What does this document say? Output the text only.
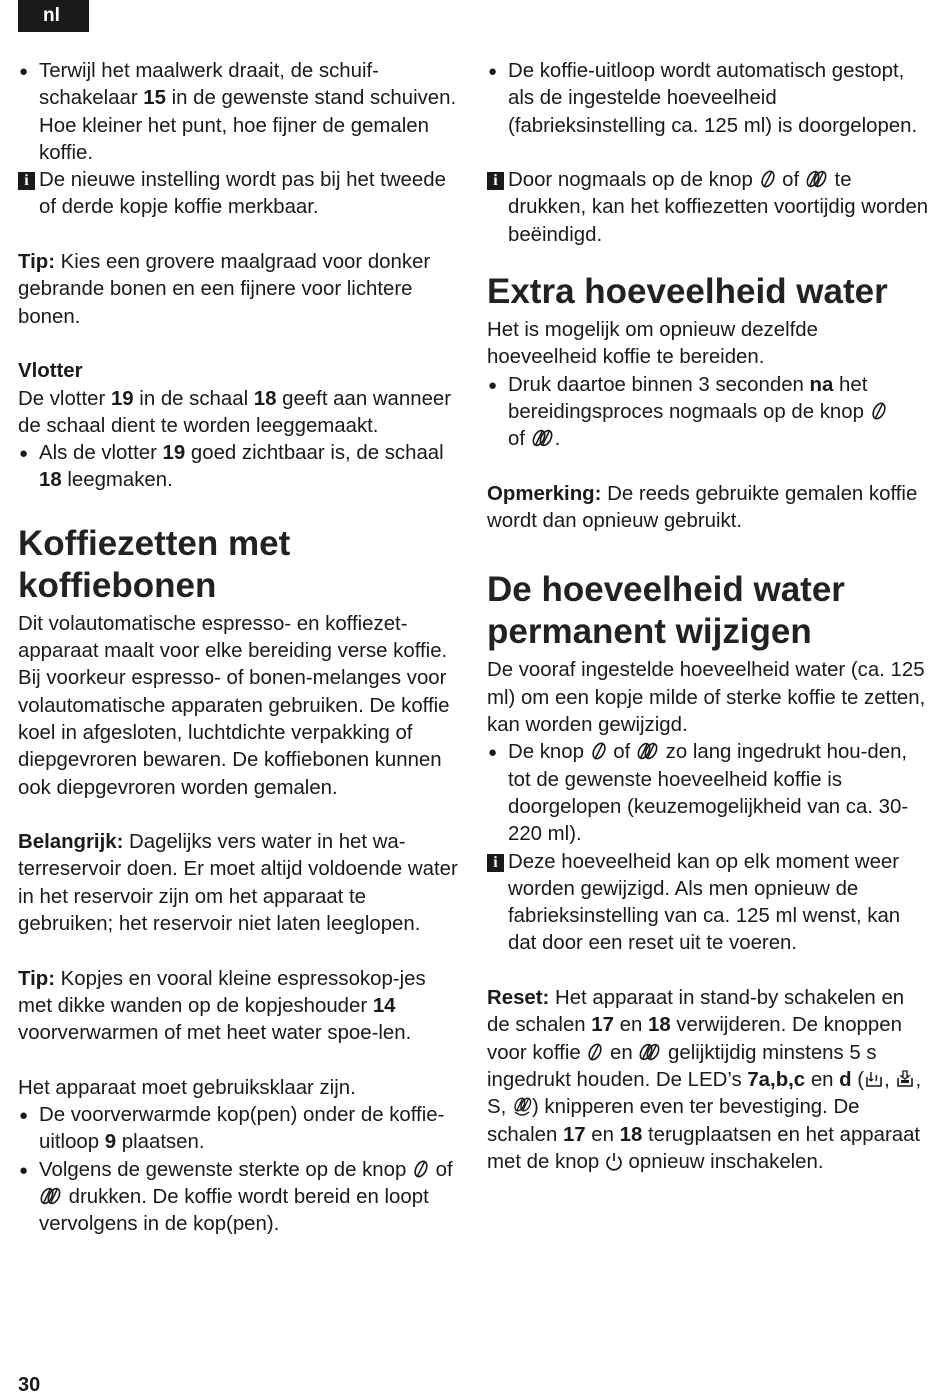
nl

● Terwijl het maalwerk draait, de schuif-schakelaar 15 in de gewenste stand schuiven. Hoe kleiner het punt, hoe fijner de gemalen koffie.

i De nieuwe instelling wordt pas bij het tweede of derde kopje koffie merkbaar.

Tip: Kies een grovere maalgraad voor donker gebrande bonen en een fijnere voor lichtere bonen.

Vlotter

De vlotter 19 in de schaal 18 geeft aan wanneer de schaal dient te worden leeggemaakt.

● Als de vlotter 19 goed zichtbaar is, de schaal 18 leegmaken.

Koffiezetten met koffiebonen

Dit volautomatische espresso- en koffiezet-apparaat maalt voor elke bereiding verse koffie. Bij voorkeur espresso- of bonen-melanges voor volautomatische apparaten gebruiken. De koffie koel in afgesloten, luchtdichte verpakking of diepgevroren bewaren. De koffiebonen kunnen ook diepgevroren worden gemalen.

Belangrijk: Dagelijks vers water in het wa-terreservoir doen. Er moet altijd voldoende water in het reservoir zijn om het apparaat te gebruiken; het reservoir niet laten leeglopen.

Tip: Kopjes en vooral kleine espressokop-jes met dikke wanden op de kopjeshouder 14 voorverwarmen of met heet water spoe-len.

Het apparaat moet gebruiksklaar zijn.

● De voorverwarmde kop(pen) onder de koffie-uitloop 9 plaatsen.

● Volgens de gewenste sterkte op de knop  of  drukken. De koffie wordt bereid en loopt vervolgens in de kop(pen).

● De koffie-uitloop wordt automatisch gestopt, als de ingestelde hoeveelheid (fabrieksinstelling ca. 125 ml) is doorgelopen.

i Door nogmaals op de knop  of  te drukken, kan het koffiezetten voortijdig worden beëindigd.

Extra hoeveelheid water

Het is mogelijk om opnieuw dezelfde hoeveelheid koffie te bereiden.

● Druk daartoe binnen 3 seconden na het bereidingsproces nogmaals op de knop
of .

Opmerking: De reeds gebruikte gemalen koffie wordt dan opnieuw gebruikt.

De hoeveelheid water permanent wijzigen

De vooraf ingestelde hoeveelheid water (ca. 125 ml) om een kopje milde of sterke koffie te zetten, kan worden gewijzigd.

● De knop  of  zo lang ingedrukt hou-den, tot de gewenste hoeveelheid koffie is doorgelopen (keuzemogelijkheid van ca. 30-220 ml).

i Deze hoeveelheid kan op elk moment weer worden gewijzigd. Als men opnieuw de fabrieksinstelling van ca. 125 ml wenst, kan dat door een reset uit te voeren.

Reset: Het apparaat in stand-by schakelen en de schalen 17 en 18 verwijderen. De knoppen voor koffie  en  gelijktijdig minstens 5 s ingedrukt houden. De LED’s 7a,b,c en d ( , , S, ) knipperen even ter bevestiging. De schalen 17 en 18 terugplaatsen en het apparaat met de knop  opnieuw inschakelen.

30
